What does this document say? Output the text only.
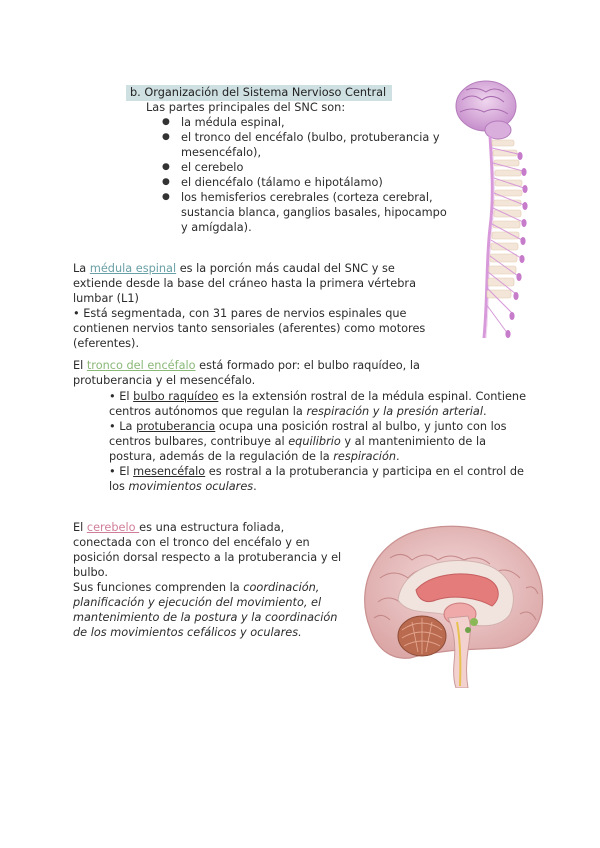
b. Organización del Sistema Nervioso Central
Las partes principales del SNC son:
● la médula espinal,
● el tronco del encéfalo (bulbo, protuberancia y mesencéfalo),
● el cerebelo
● el diencéfalo (tálamo e hipotálamo)
● los hemisferios cerebrales (corteza cerebral, sustancia blanca, ganglios basales, hipocampo y amígdala).

La médula espinal es la porción más caudal del SNC y se extiende desde la base del cráneo hasta la primera vértebra lumbar (L1)

• Está segmentada, con 31 pares de nervios espinales que contienen nervios tanto sensoriales (aferentes) como motores (eferentes).

El tronco del encéfalo está formado por: el bulbo raquídeo, la protuberancia y el mesencéfalo.

• El bulbo raquídeo es la extensión rostral de la médula espinal. Contiene centros autónomos que regulan la respiración y la presión arterial.

• La protuberancia ocupa una posición rostral al bulbo, y junto con los centros bulbares, contribuye al equilibrio y al mantenimiento de la postura, además de la regulación de la respiración.

• El mesencéfalo es rostral a la protuberancia y participa en el control de los movimientos oculares.

El cerebelo es una estructura foliada, conectada con el tronco del encéfalo y en posición dorsal respecto a la protuberancia y el bulbo.
Sus funciones comprenden la coordinación, planificación y ejecución del movimiento, el mantenimiento de la postura y la coordinación de los movimientos cefálicos y oculares.
